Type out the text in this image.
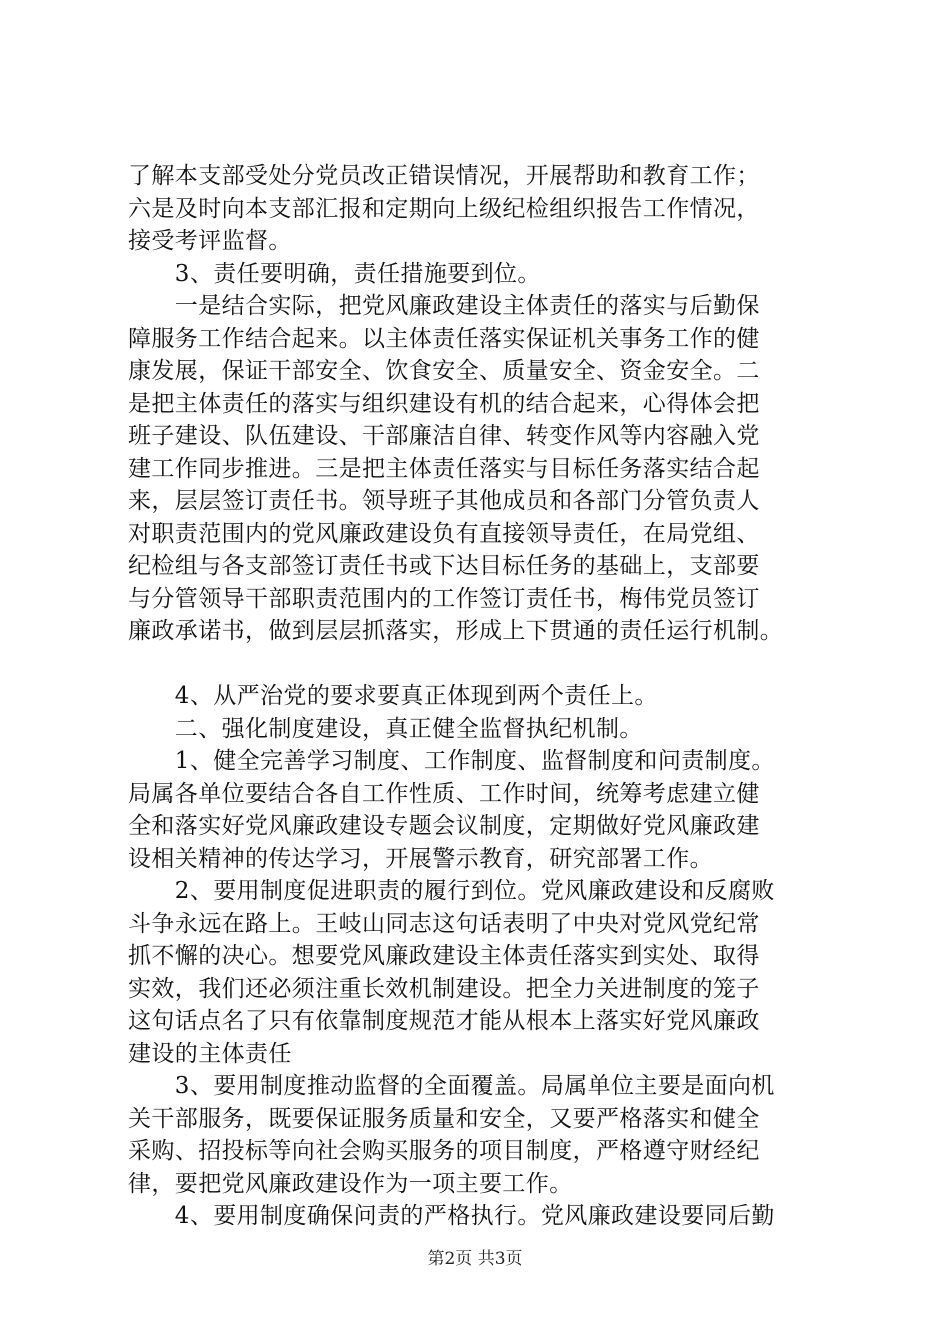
了解本支部受处分党员改正错误情况，开展帮助和教育工作；
六是及时向本支部汇报和定期向上级纪检组织报告工作情况，
接受考评监督。
　　3、责任要明确，责任措施要到位。
　　一是结合实际，把党风廉政建设主体责任的落实与后勤保
障服务工作结合起来。以主体责任落实保证机关事务工作的健
康发展，保证干部安全、饮食安全、质量安全、资金安全。二
是把主体责任的落实与组织建设有机的结合起来，心得体会把
班子建设、队伍建设、干部廉洁自律、转变作风等内容融入党
建工作同步推进。三是把主体责任落实与目标任务落实结合起
来，层层签订责任书。领导班子其他成员和各部门分管负责人
对职责范围内的党风廉政建设负有直接领导责任，在局党组、
纪检组与各支部签订责任书或下达目标任务的基础上，支部要
与分管领导干部职责范围内的工作签订责任书，梅伟党员签订
廉政承诺书，做到层层抓落实，形成上下贯通的责任运行机制。
　　4、从严治党的要求要真正体现到两个责任上。
　　二、强化制度建设，真正健全监督执纪机制。
　　1、健全完善学习制度、工作制度、监督制度和问责制度。
局属各单位要结合各自工作性质、工作时间，统筹考虑建立健
全和落实好党风廉政建设专题会议制度，定期做好党风廉政建
设相关精神的传达学习，开展警示教育，研究部署工作。
　　2、要用制度促进职责的履行到位。党风廉政建设和反腐败
斗争永远在路上。王岐山同志这句话表明了中央对党风党纪常
抓不懈的决心。想要党风廉政建设主体责任落实到实处、取得
实效，我们还必须注重长效机制建设。把全力关进制度的笼子
这句话点名了只有依靠制度规范才能从根本上落实好党风廉政
建设的主体责任
　　3、要用制度推动监督的全面覆盖。局属单位主要是面向机
关干部服务，既要保证服务质量和安全，又要严格落实和健全
采购、招投标等向社会购买服务的项目制度，严格遵守财经纪
律，要把党风廉政建设作为一项主要工作。
　　4、要用制度确保问责的严格执行。党风廉政建设要同后勤
第2页 共3页
